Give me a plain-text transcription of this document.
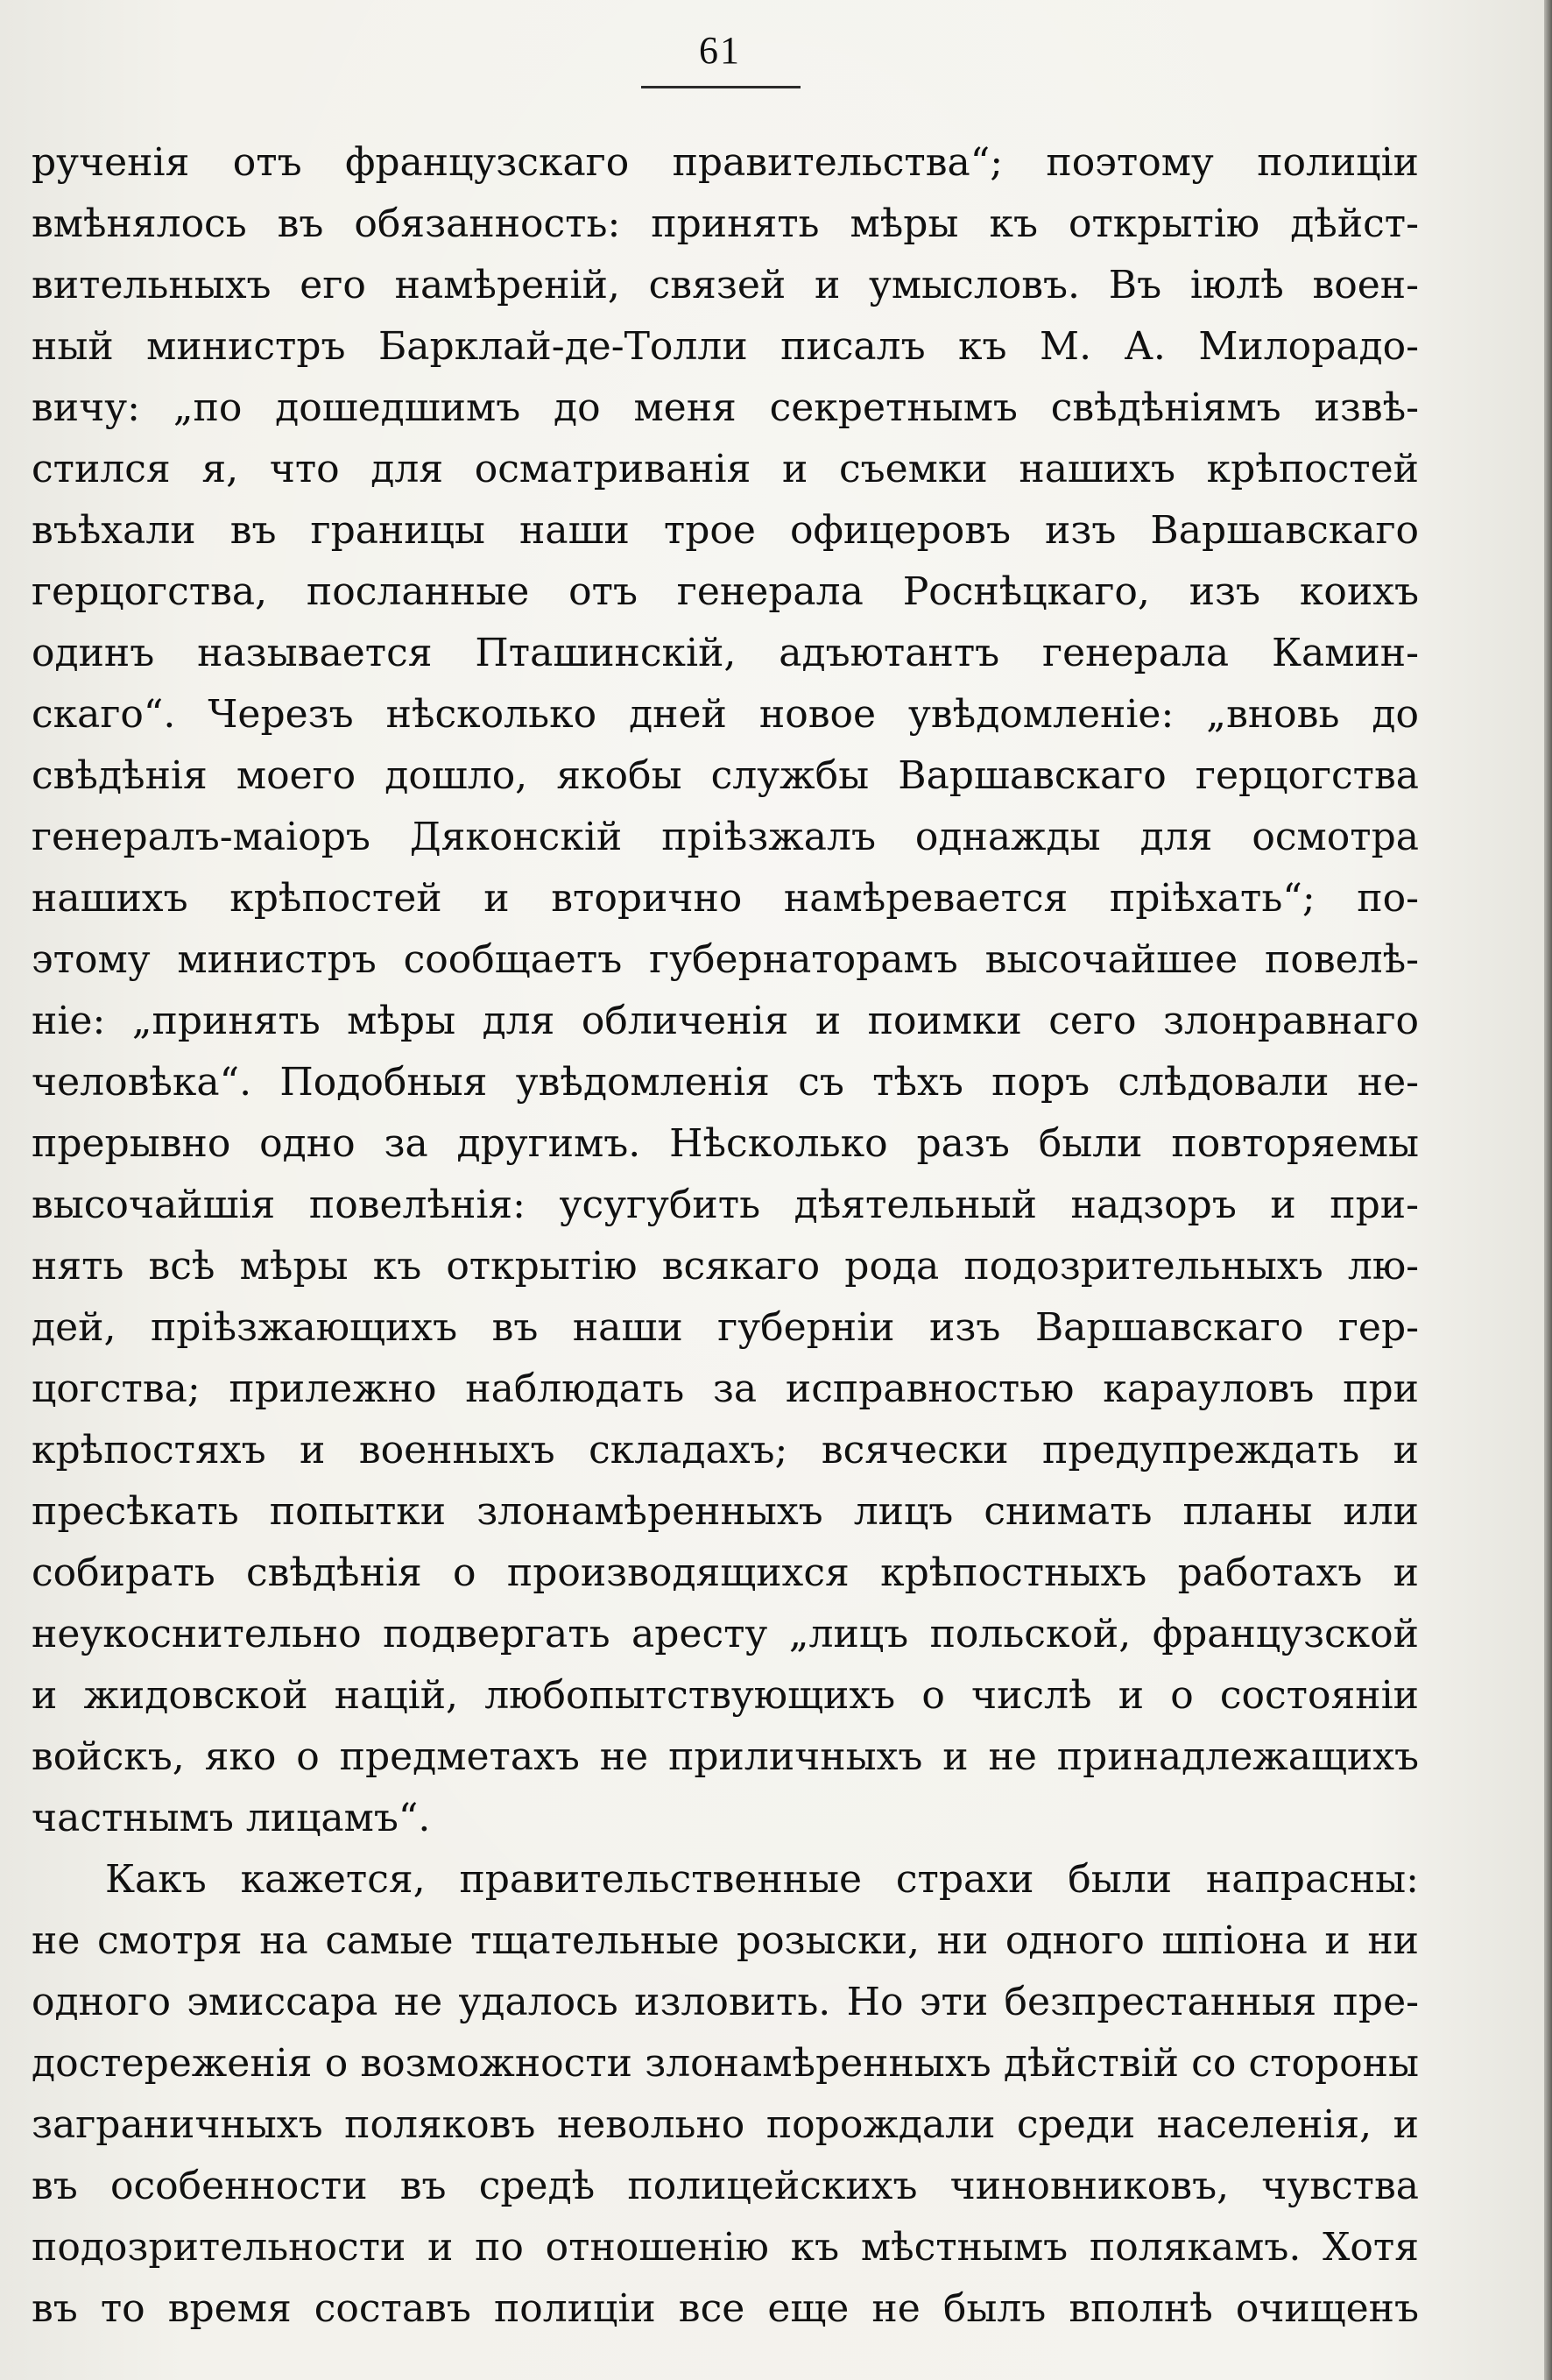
61
рученія отъ французскаго правительства“; поэтому полиціи
вмѣнялось въ обязанность: принять мѣры къ открытію дѣйст-
вительныхъ его намѣреній, связей и умысловъ. Въ іюлѣ воен-
ный министръ Барклай-де-Толли писалъ къ М. А. Милорадо-
вичу: „по дошедшимъ до меня секретнымъ свѣдѣніямъ извѣ-
стился я, что для осматриванія и съемки нашихъ крѣпостей
въѣхали въ границы наши трое офицеровъ изъ Варшавскаго
герцогства, посланные отъ генерала Роснѣцкаго, изъ коихъ
одинъ называется Пташинскій, адъютантъ генерала Камин-
скаго“. Черезъ нѣсколько дней новое увѣдомленіе: „вновь до
свѣдѣнія моего дошло, якобы службы Варшавскаго герцогства
генералъ-маіоръ Дяконскій пріѣзжалъ однажды для осмотра
нашихъ крѣпостей и вторично намѣревается пріѣхать“; по-
этому министръ сообщаетъ губернаторамъ высочайшее повелѣ-
ніе: „принять мѣры для обличенія и поимки сего злонравнаго
человѣка“. Подобныя увѣдомленія съ тѣхъ поръ слѣдовали не-
прерывно одно за другимъ. Нѣсколько разъ были повторяемы
высочайшія повелѣнія: усугубить дѣятельный надзоръ и при-
нять всѣ мѣры къ открытію всякаго рода подозрительныхъ лю-
дей, пріѣзжающихъ въ наши губерніи изъ Варшавскаго гер-
цогства; прилежно наблюдать за исправностью карауловъ при
крѣпостяхъ и военныхъ складахъ; всячески предупреждать и
пресѣкать попытки злонамѣренныхъ лицъ снимать планы или
собирать свѣдѣнія о производящихся крѣпостныхъ работахъ и
неукоснительно подвергать аресту „лицъ польской, французской
и жидовской націй, любопытствующихъ о числѣ и о состояніи
войскъ, яко о предметахъ не приличныхъ и не принадлежащихъ
частнымъ лицамъ“.
Какъ кажется, правительственные страхи были напрасны:
не смотря на самые тщательные розыски, ни одного шпіона и ни
одного эмиссара не удалось изловить. Но эти безпрестанныя пре-
достереженія о возможности злонамѣренныхъ дѣйствій со стороны
заграничныхъ поляковъ невольно порождали среди населенія, и
въ особенности въ средѣ полицейскихъ чиновниковъ, чувства
подозрительности и по отношенію къ мѣстнымъ полякамъ. Хотя
въ то время составъ полиціи все еще не былъ вполнѣ очищенъ
